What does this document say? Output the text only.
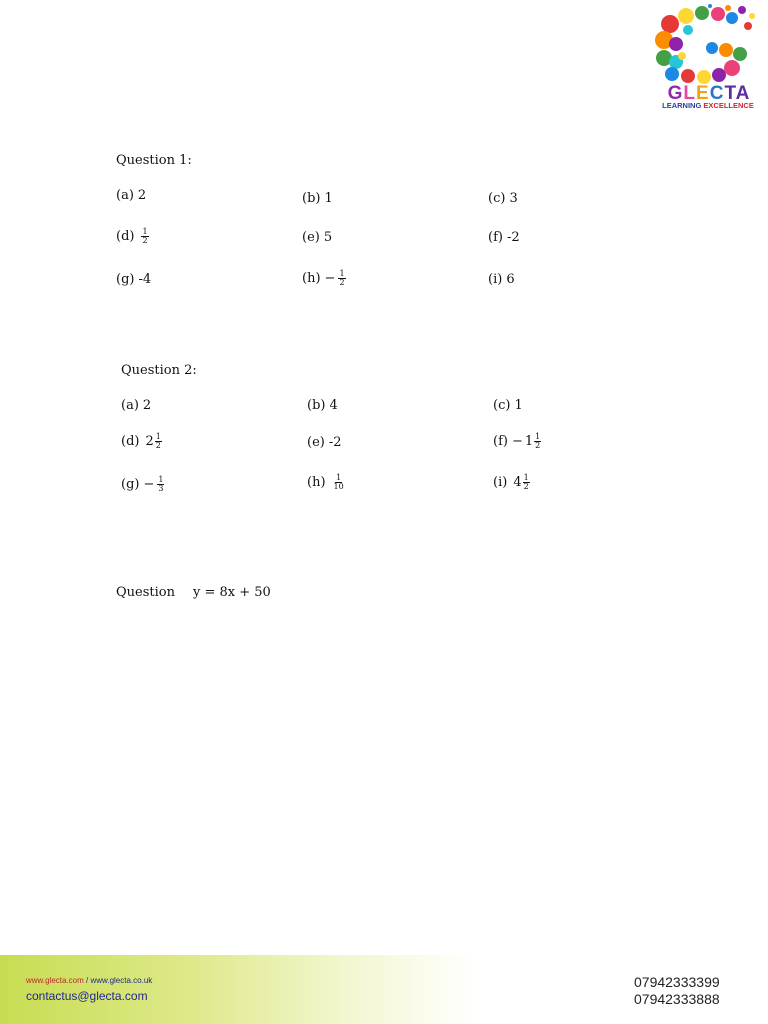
GLECTA
LEARNING EXCELLENCE
Question 1:
(a) 2	(b) 1	(c) 3
$(d) \frac{1}{2}$	(e) 5	(f) -2
(g) -4	$(h) - \frac{1}{2}$	(i) 6
Question 2:
(a) 2	(b) 4	(c) 1
(d) $2 \frac{1}{2}$	(e) -2	$(f) - 1 \frac{1}{2}$
$(g) - \frac{1}{3}$	$(h) \frac{1}{10}$	(i) $4 \frac{1}{2}$
Question y = 8x + 50
www.glecta.com / www.glecta.co.uk
contactus@glecta.com
07942333399
07942333888
